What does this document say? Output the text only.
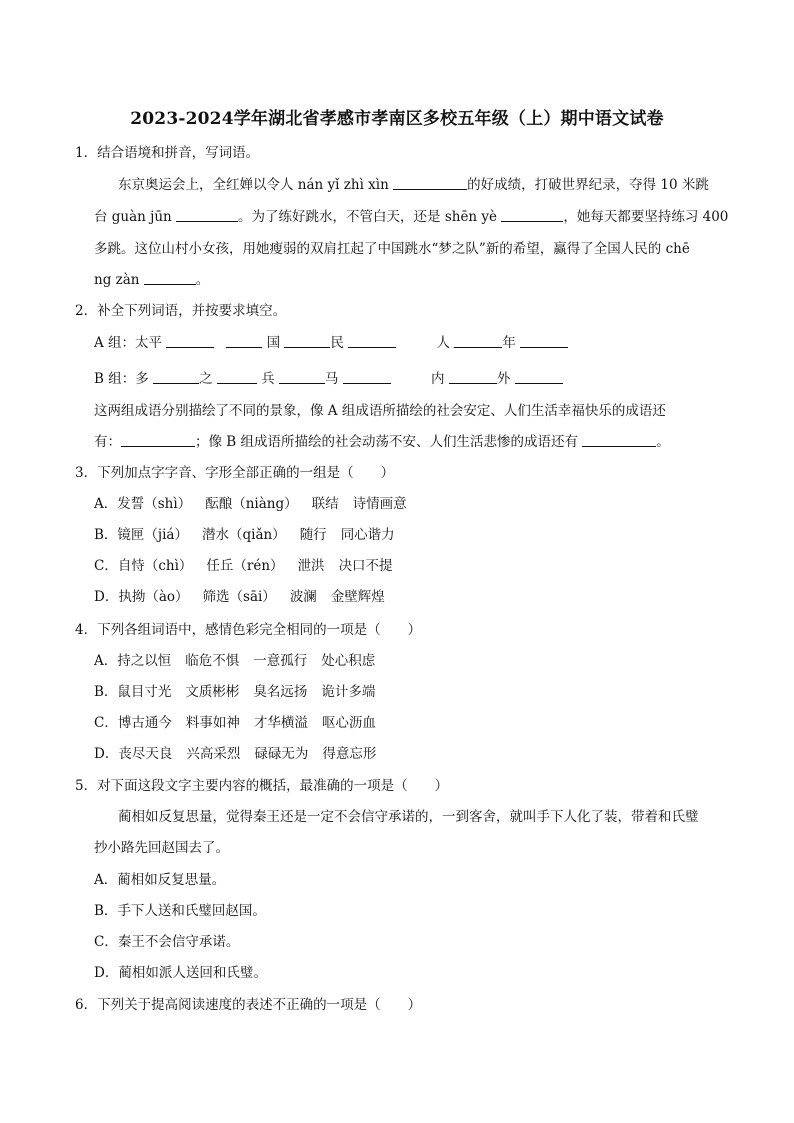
2023-2024学年湖北省孝感市孝南区多校五年级（上）期中语文试卷
1．结合语境和拼音，写词语。
东京奥运会上，全红婵以令人 nán yǐ zhì xìn	的好成绩，打破世界纪录，夺得 10 米跳
台 guàn jūn	。为了练好跳水，不管白天，还是 shēn yè	，她每天都要坚持练习 400
多跳。这位山村小女孩，用她瘦弱的双肩扛起了中国跳水“梦之队”新的希望，赢得了全国人民的 chē
ng zàn	。
2．补全下列词语，并按要求填空。
A 组：太平	国	民	人	年
B 组：多	之	兵	马	内	外
这两组成语分别描绘了不同的景象，像 A 组成语所描绘的社会安定、人们生活幸福快乐的成语还
有：	；像 B 组成语所描绘的社会动荡不安、人们生活悲惨的成语还有	。
3．下列加点字字音、字形全部正确的一组是（　　）
A．发誓（shì） 酝酿（niàng） 联结 诗情画意
B．镜匣（jiá） 潜水（qiǎn） 随行 同心谐力
C．自恃（chì） 任丘（rén） 泄洪 决口不提
D．执拗（ào） 筛选（sāi） 波澜 金壁辉煌
4．下列各组词语中，感情色彩完全相同的一项是（　　）
A．持之以恒 临危不惧 一意孤行 处心积虑
B．鼠目寸光 文质彬彬 臭名远扬 诡计多端
C．博古通今 料事如神 才华横溢 呕心沥血
D．丧尽天良 兴高采烈 碌碌无为 得意忘形
5．对下面这段文字主要内容的概括，最准确的一项是（　　）
蔺相如反复思量，觉得秦王还是一定不会信守承诺的，一到客舍，就叫手下人化了装，带着和氏璧
抄小路先回赵国去了。
A．蔺相如反复思量。
B．手下人送和氏璧回赵国。
C．秦王不会信守承诺。
D．蔺相如派人送回和氏璧。
6．下列关于提高阅读速度的表述不正确的一项是（　　）
